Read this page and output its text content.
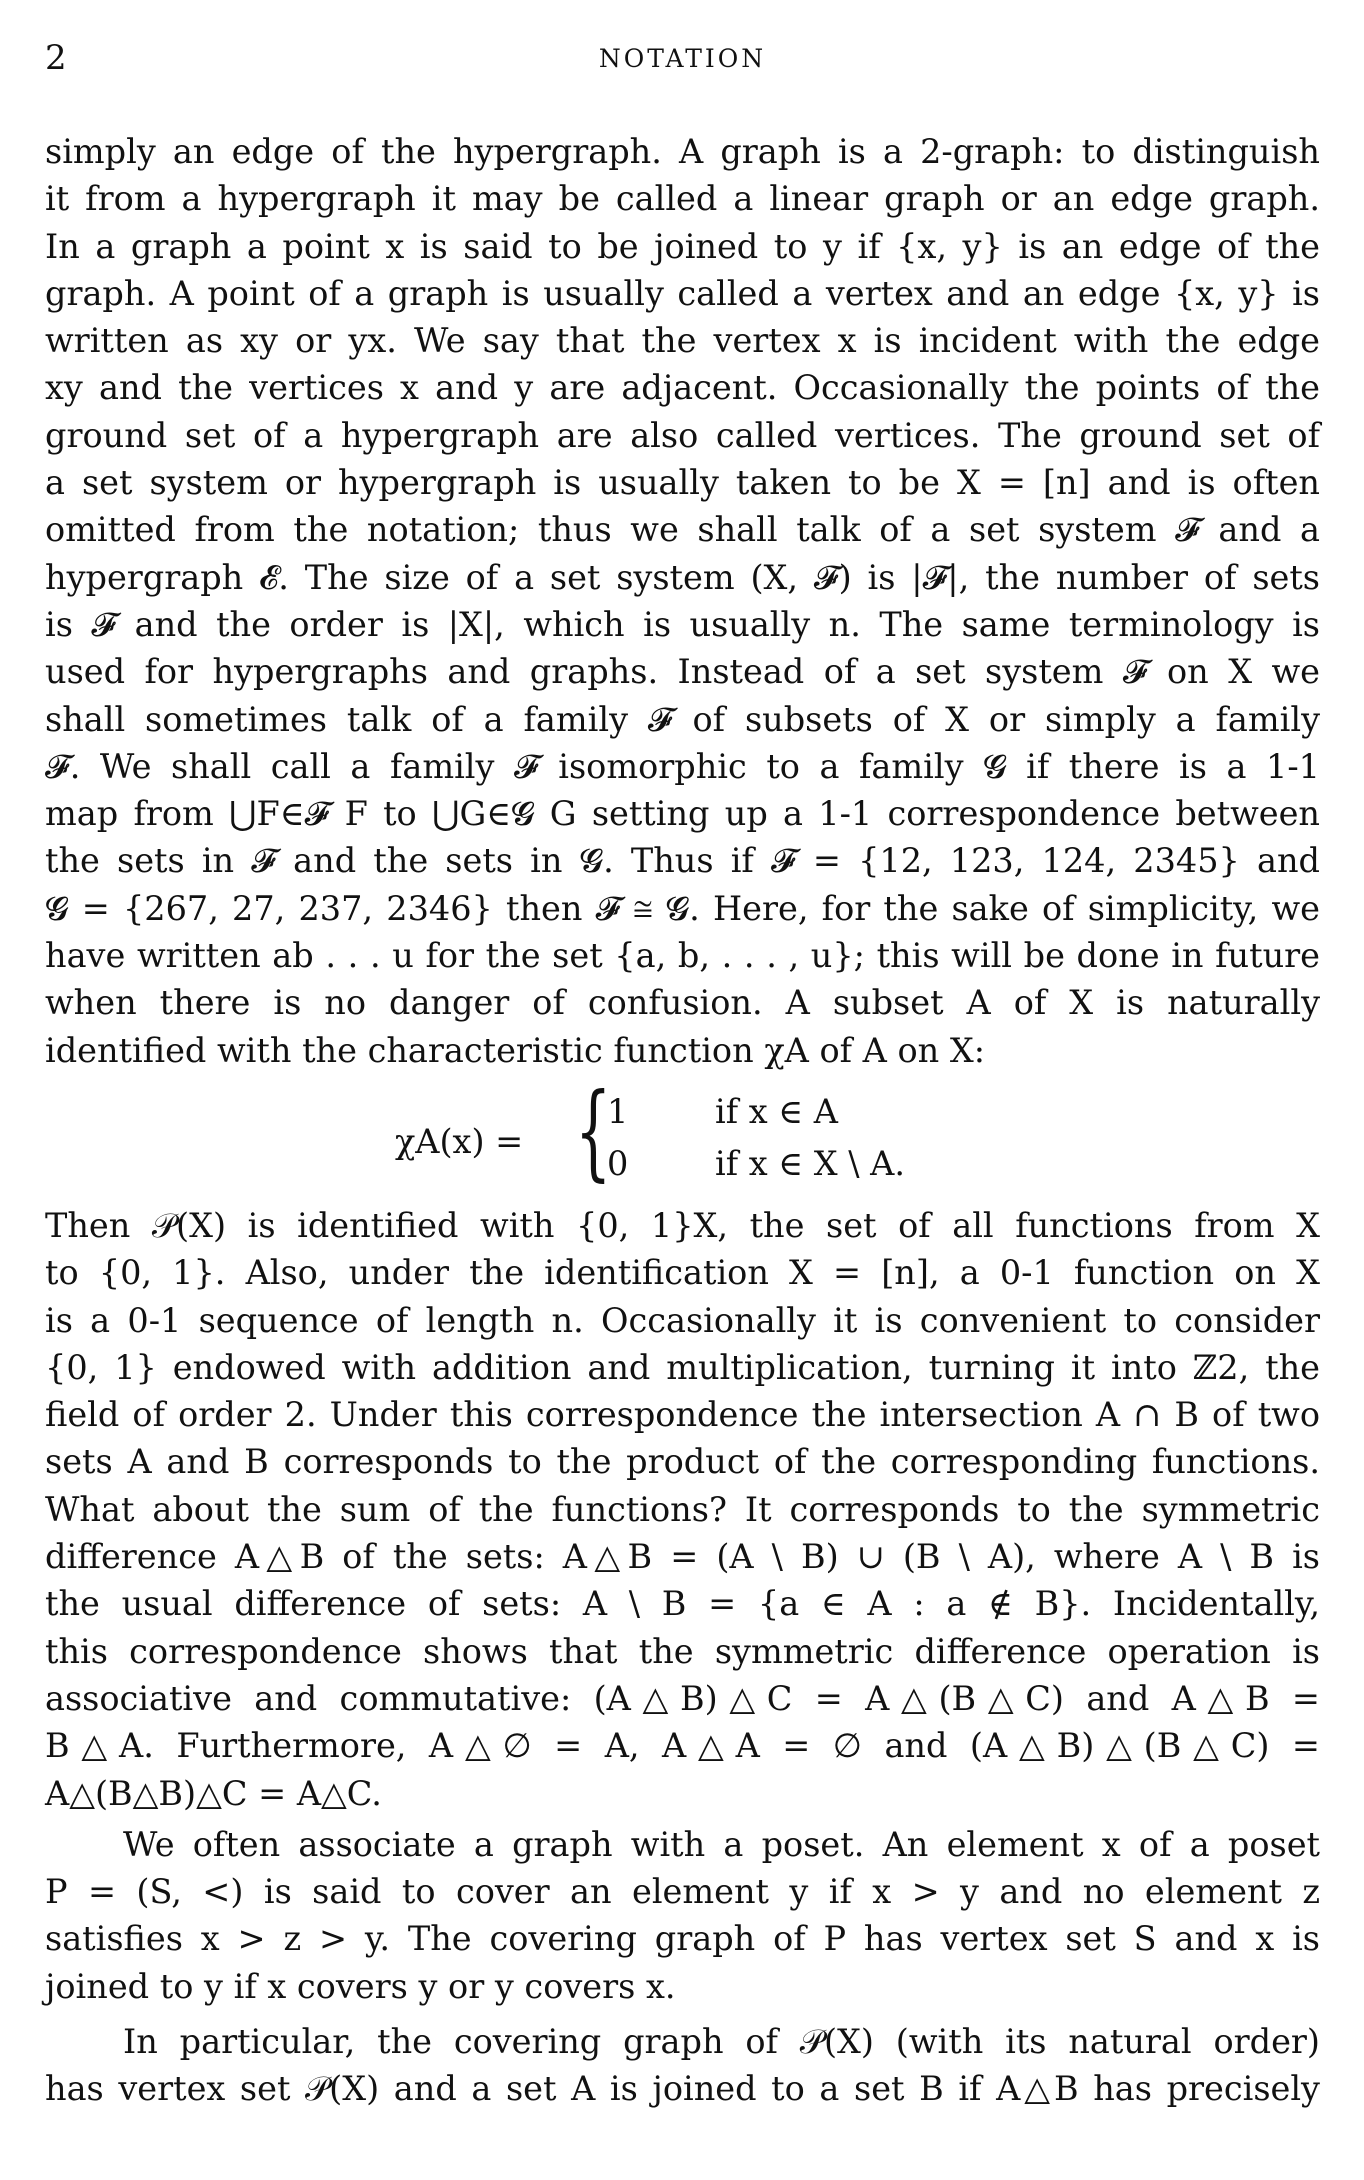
2	NOTATION
simply an edge of the hypergraph. A graph is a 2-graph: to distinguish
it from a hypergraph it may be called a linear graph or an edge graph.
In a graph a point x is said to be joined to y if {x, y} is an edge of the
graph. A point of a graph is usually called a vertex and an edge {x, y} is
written as xy or yx. We say that the vertex x is incident with the edge
xy and the vertices x and y are adjacent. Occasionally the points of the
ground set of a hypergraph are also called vertices. The ground set of
a set system or hypergraph is usually taken to be X = [n] and is often
omitted from the notation; thus we shall talk of a set system 𝓕 and a
hypergraph 𝓔. The size of a set system (X, 𝓕) is |𝓕|, the number of sets
is 𝓕 and the order is |X|, which is usually n. The same terminology is
used for hypergraphs and graphs. Instead of a set system 𝓕 on X we
shall sometimes talk of a family 𝓕 of subsets of X or simply a family
𝓕. We shall call a family 𝓕 isomorphic to a family 𝓖 if there is a 1-1
map from ⋃F∈𝓕 F to ⋃G∈𝓖 G setting up a 1-1 correspondence between
the sets in 𝓕 and the sets in 𝓖. Thus if 𝓕 = {12, 123, 124, 2345} and
𝓖 = {267, 27, 237, 2346} then 𝓕 ≅ 𝓖. Here, for the sake of simplicity, we
have written ab . . . u for the set {a, b, . . . , u}; this will be done in future
when there is no danger of confusion. A subset A of X is naturally
identified with the characteristic function χA of A on X:
χA(x) = {
1	if x ∈ A
0	if x ∈ X \ A.
Then 𝒫(X) is identified with {0, 1}X, the set of all functions from X
to {0, 1}. Also, under the identification X = [n], a 0-1 function on X
is a 0-1 sequence of length n. Occasionally it is convenient to consider
{0, 1} endowed with addition and multiplication, turning it into ℤ2, the
field of order 2. Under this correspondence the intersection A ∩ B of two
sets A and B corresponds to the product of the corresponding functions.
What about the sum of the functions? It corresponds to the symmetric
difference A△B of the sets: A△B = (A \ B) ∪ (B \ A), where A \ B is
the usual difference of sets: A \ B = {a ∈ A : a ∉ B}. Incidentally,
this correspondence shows that the symmetric difference operation is
associative and commutative: (A△B)△C = A△(B△C) and A△B =
B△A. Furthermore, A△∅ = A, A△A = ∅ and (A△B)△(B△C) =
A△(B△B)△C = A△C.
We often associate a graph with a poset. An element x of a poset
P = (S, <) is said to cover an element y if x > y and no element z
satisfies x > z > y. The covering graph of P has vertex set S and x is
joined to y if x covers y or y covers x.
In particular, the covering graph of 𝒫(X) (with its natural order)
has vertex set 𝒫(X) and a set A is joined to a set B if A△B has precisely
